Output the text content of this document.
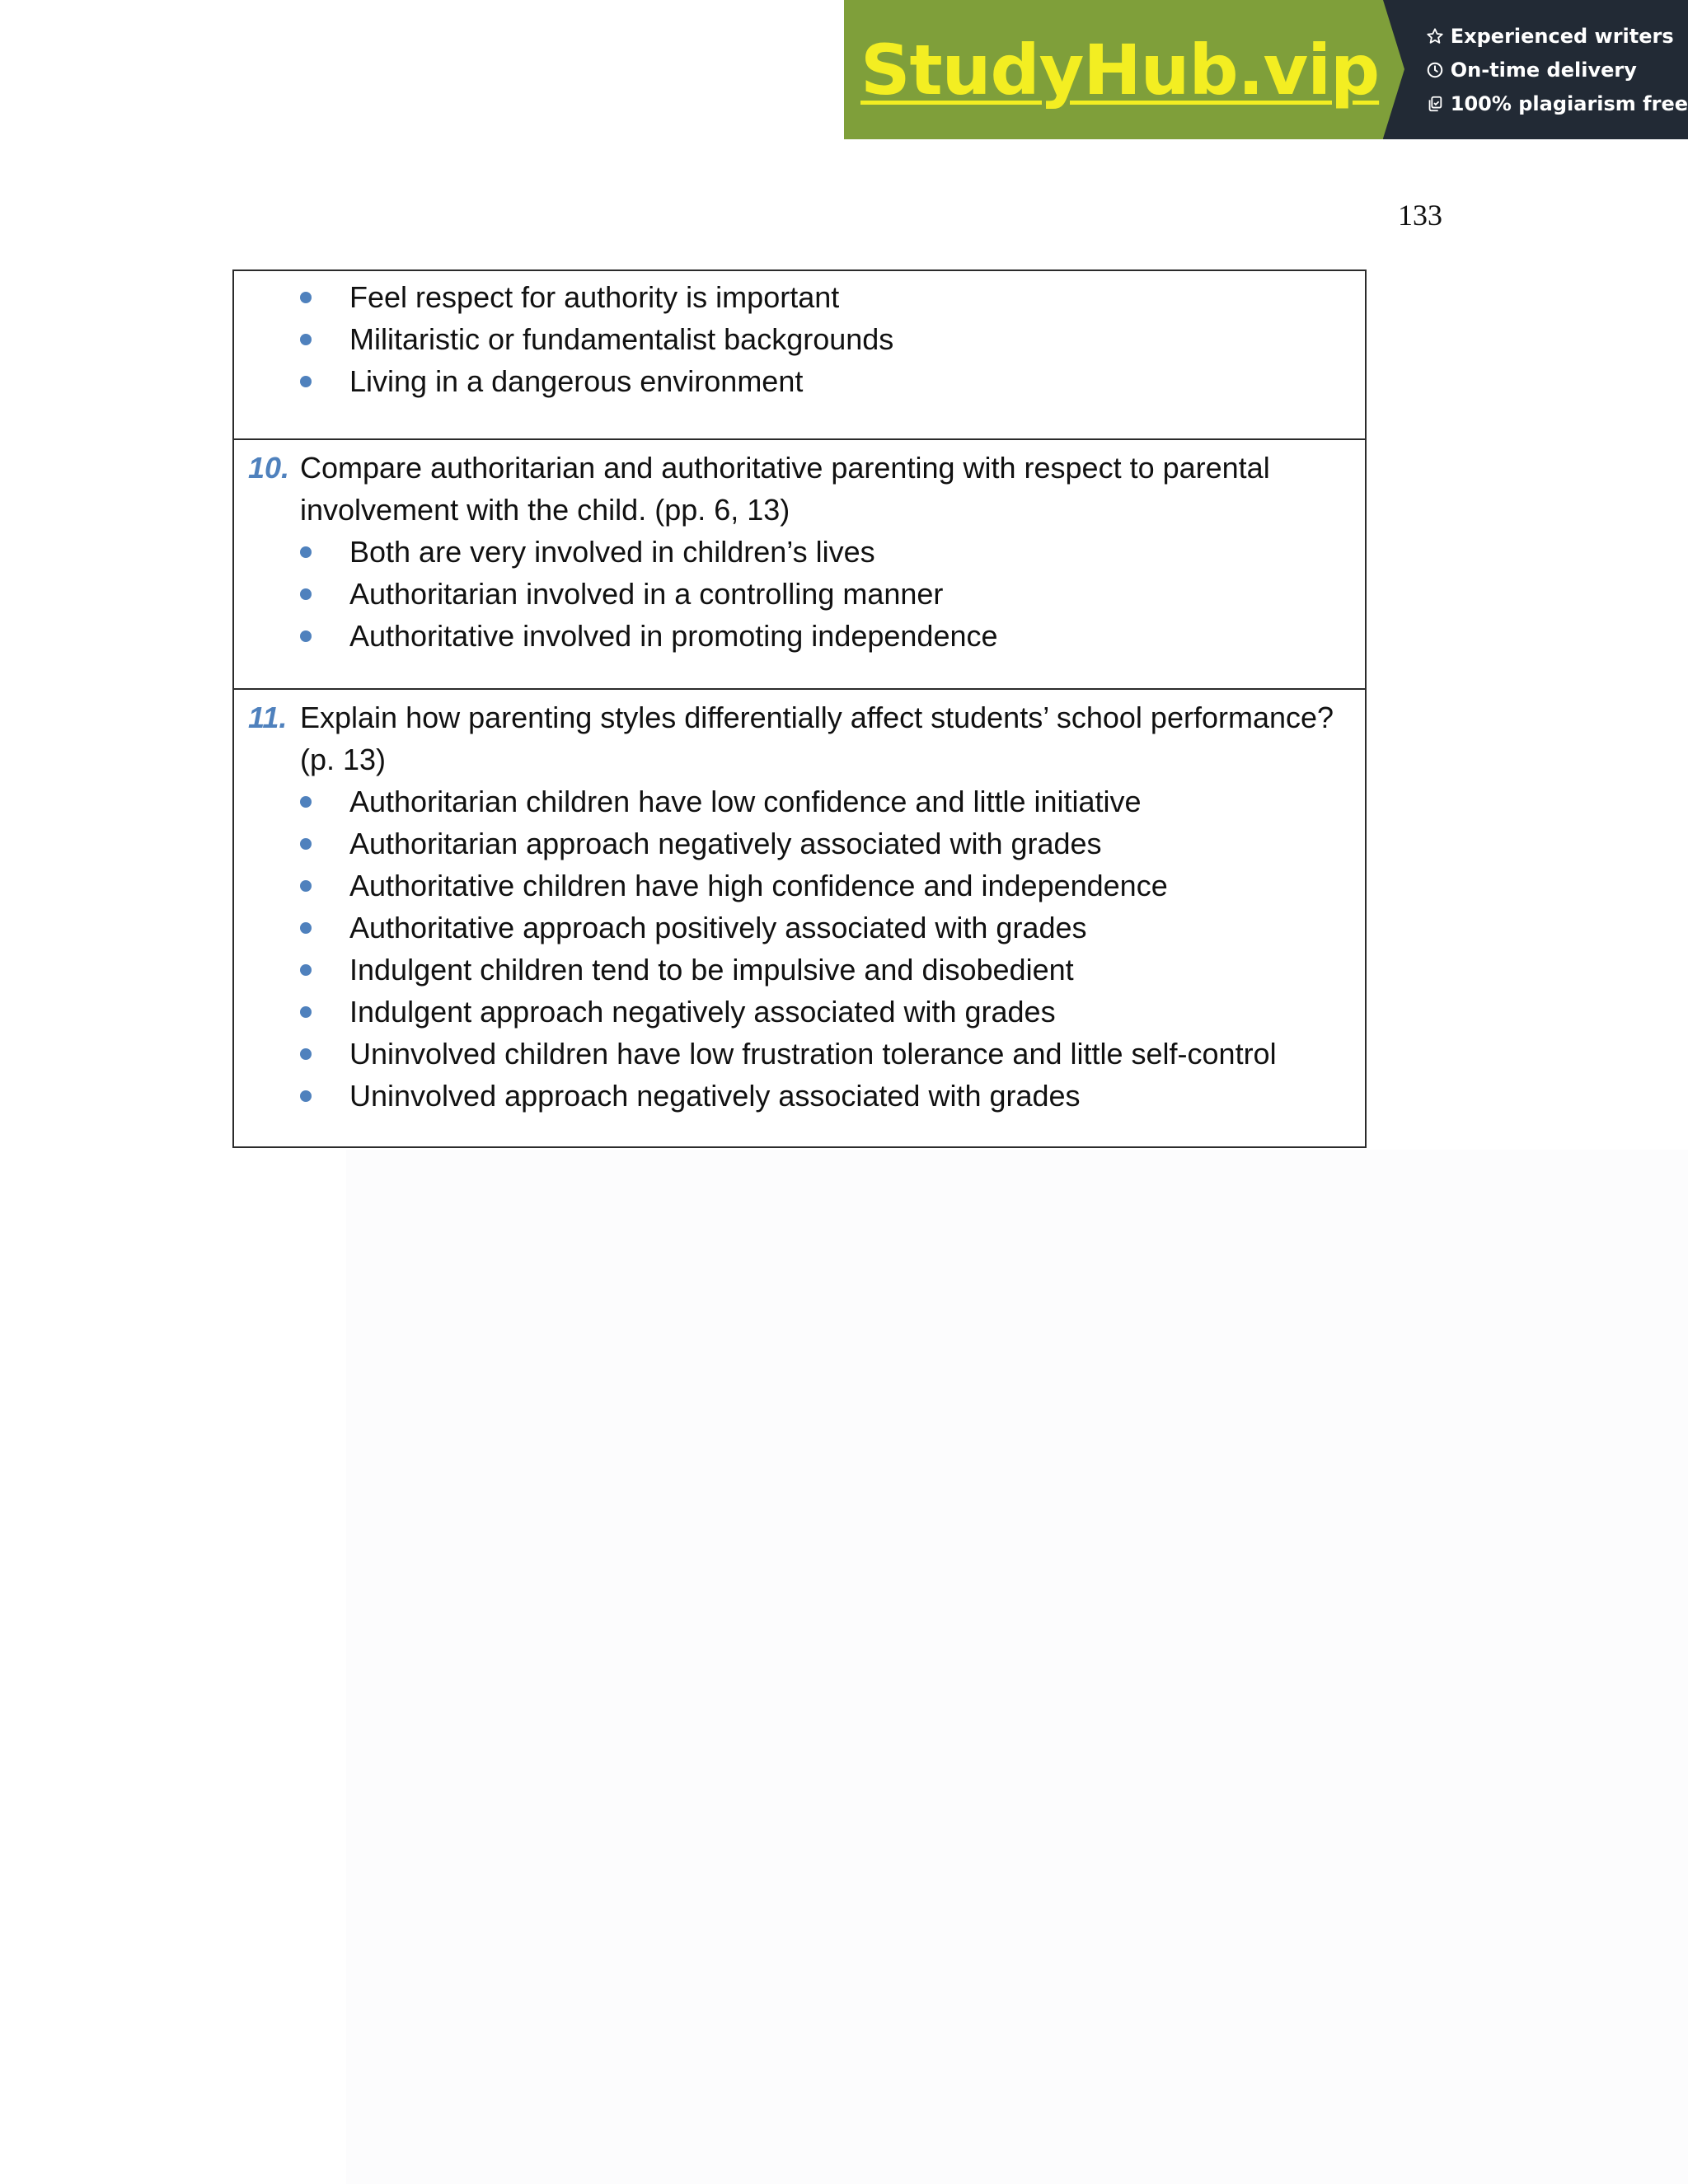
StudyHub.vip	Experienced writers
On-time delivery
100% plagiarism free
133
Feel respect for authority is important
Militaristic or fundamentalist backgrounds
Living in a dangerous environment
10. Compare authoritarian and authoritative parenting with respect to parental involvement with the child. (pp. 6, 13)
Both are very involved in children’s lives
Authoritarian involved in a controlling manner
Authoritative involved in promoting independence
11. Explain how parenting styles differentially affect students’ school performance? (p. 13)
Authoritarian children have low confidence and little initiative
Authoritarian approach negatively associated with grades
Authoritative children have high confidence and independence
Authoritative approach positively associated with grades
Indulgent children tend to be impulsive and disobedient
Indulgent approach negatively associated with grades
Uninvolved children have low frustration tolerance and little self-control
Uninvolved approach negatively associated with grades
